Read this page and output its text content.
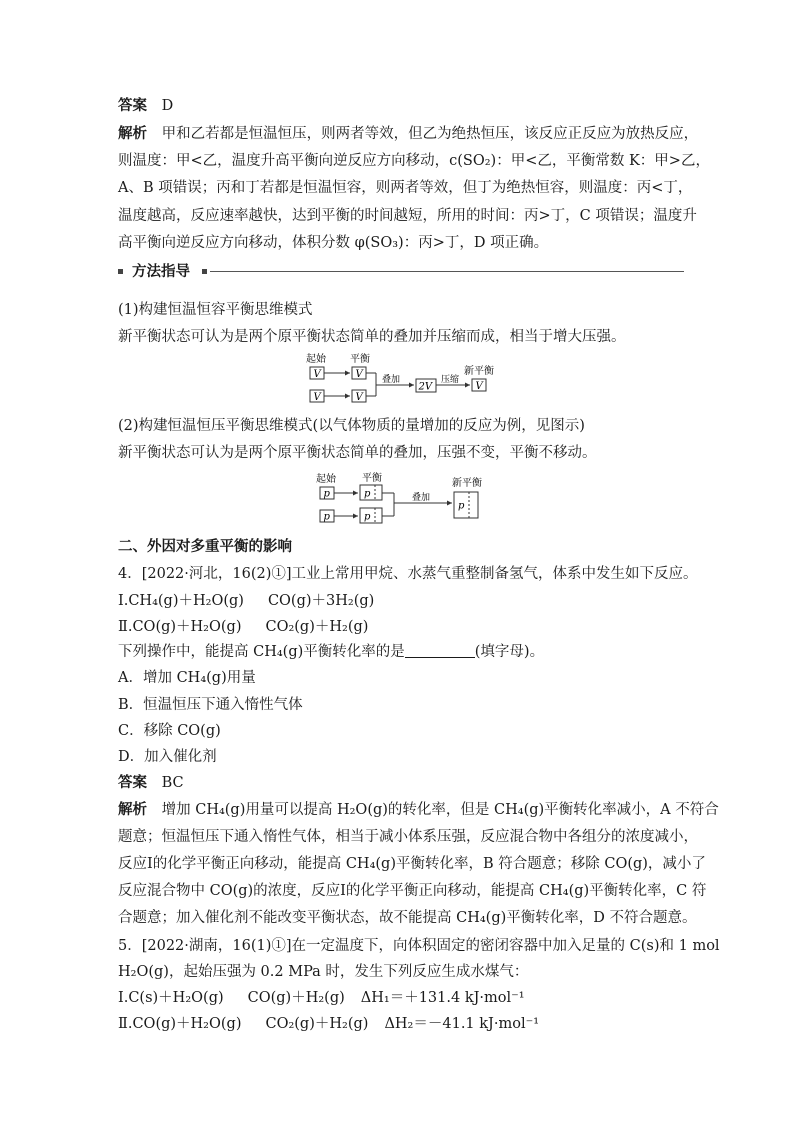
答案 D
解析 甲和乙若都是恒温恒压，则两者等效，但乙为绝热恒压，该反应正反应为放热反应，
则温度：甲<乙，温度升高平衡向逆反应方向移动，c(SO₂)：甲<乙，平衡常数 K：甲>乙，
A、B 项错误；丙和丁若都是恒温恒容，则两者等效，但丁为绝热恒容，则温度：丙<丁，
温度越高，反应速率越快，达到平衡的时间越短，所用的时间：丙>丁，C 项错误；温度升
高平衡向逆反应方向移动，体积分数 φ(SO₃)：丙>丁，D 项正确。
方法指导
(1)构建恒温恒容平衡思维模式
新平衡状态可认为是两个原平衡状态简单的叠加并压缩而成，相当于增大压强。
起始 平衡
叠加	压缩
新平衡
V
V
V
V
2V	V
(2)构建恒温恒压平衡思维模式(以气体物质的量增加的反应为例，见图示)
新平衡状态可认为是两个原平衡状态简单的叠加，压强不变，平衡不移动。
起始	平衡
叠加
新平衡
p
p
p
p
p
二、外因对多重平衡的影响
4．[2022·河北，16(2)①]工业上常用甲烷、水蒸气重整制备氢气，体系中发生如下反应。
Ⅰ.CH₄(g)＋H₂O(g) CO(g)＋3H₂(g)
Ⅱ.CO(g)＋H₂O(g) CO₂(g)＋H₂(g)
下列操作中，能提高 CH₄(g)平衡转化率的是	(填字母)。
A．增加 CH₄(g)用量
B．恒温恒压下通入惰性气体
C．移除 CO(g)
D．加入催化剂
答案 BC
解析 增加 CH₄(g)用量可以提高 H₂O(g)的转化率，但是 CH₄(g)平衡转化率减小，A 不符合
题意；恒温恒压下通入惰性气体，相当于减小体系压强，反应混合物中各组分的浓度减小，
反应Ⅰ的化学平衡正向移动，能提高 CH₄(g)平衡转化率，B 符合题意；移除 CO(g)，减小了
反应混合物中 CO(g)的浓度，反应Ⅰ的化学平衡正向移动，能提高 CH₄(g)平衡转化率，C 符
合题意；加入催化剂不能改变平衡状态，故不能提高 CH₄(g)平衡转化率，D 不符合题意。
5．[2022·湖南，16(1)①]在一定温度下，向体积固定的密闭容器中加入足量的 C(s)和 1 mol
H₂O(g)，起始压强为 0.2 MPa 时，发生下列反应生成水煤气：
Ⅰ.C(s)＋H₂O(g) CO(g)＋H₂(g) ΔH₁＝＋131.4 kJ·mol⁻¹
Ⅱ.CO(g)＋H₂O(g) CO₂(g)＋H₂(g) ΔH₂＝－41.1 kJ·mol⁻¹
